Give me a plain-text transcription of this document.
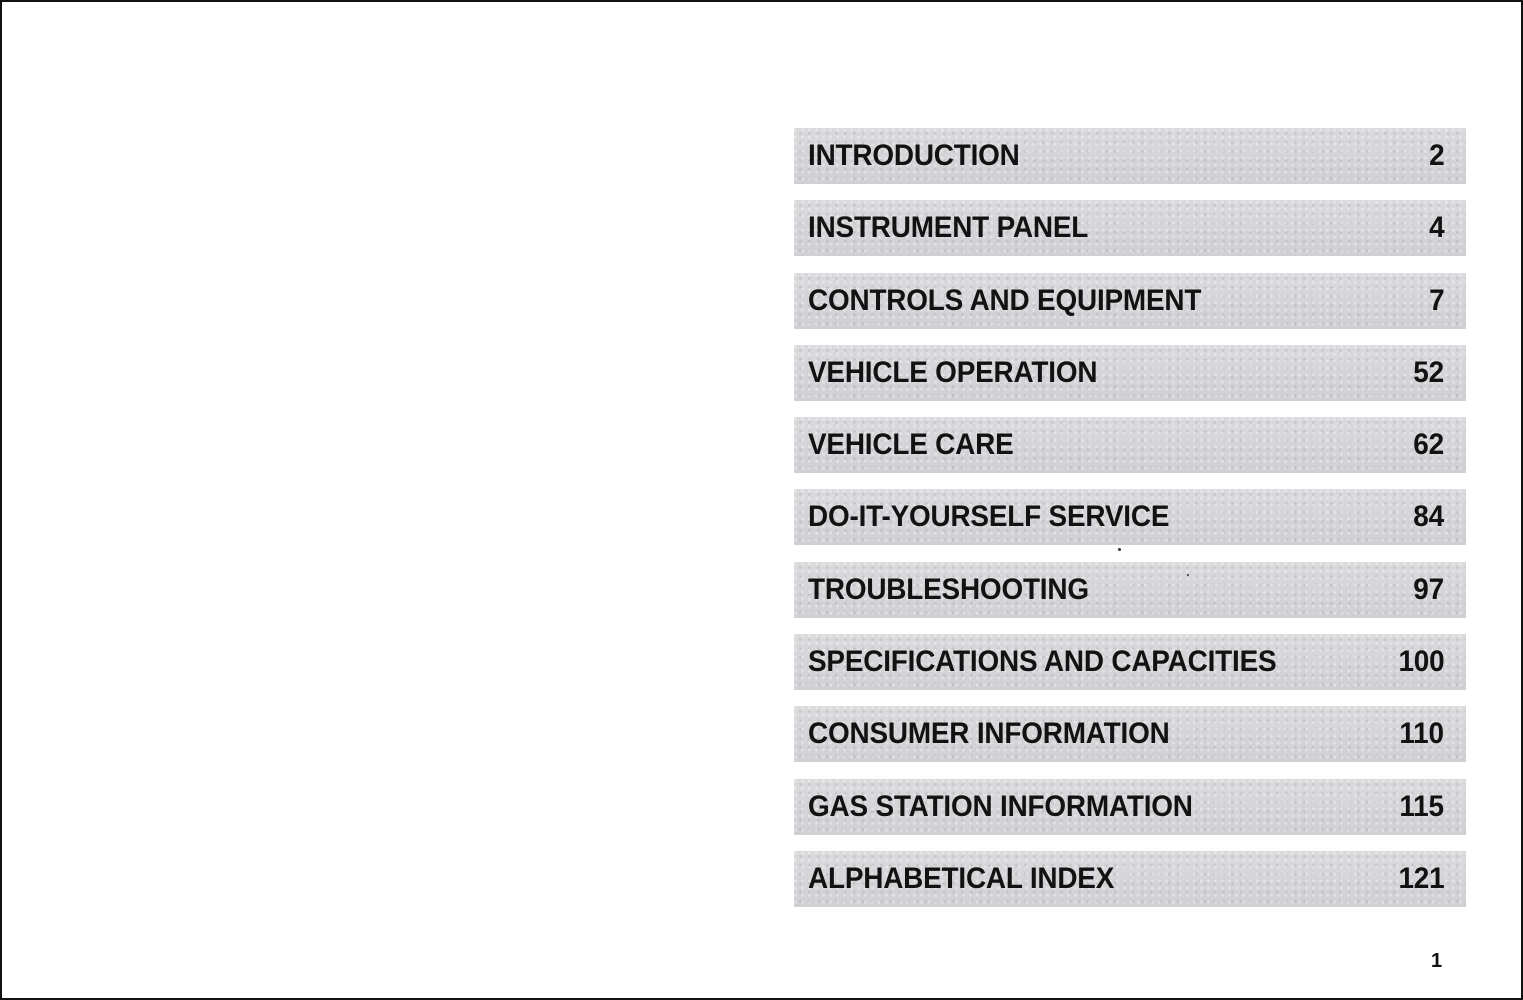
INTRODUCTION	2
INSTRUMENT PANEL	4
CONTROLS AND EQUIPMENT	7
VEHICLE OPERATION	52
VEHICLE CARE	62
DO-IT-YOURSELF SERVICE	84
TROUBLESHOOTING	97
SPECIFICATIONS AND CAPACITIES	100
CONSUMER INFORMATION	110
GAS STATION INFORMATION	115
ALPHABETICAL INDEX	121
1
